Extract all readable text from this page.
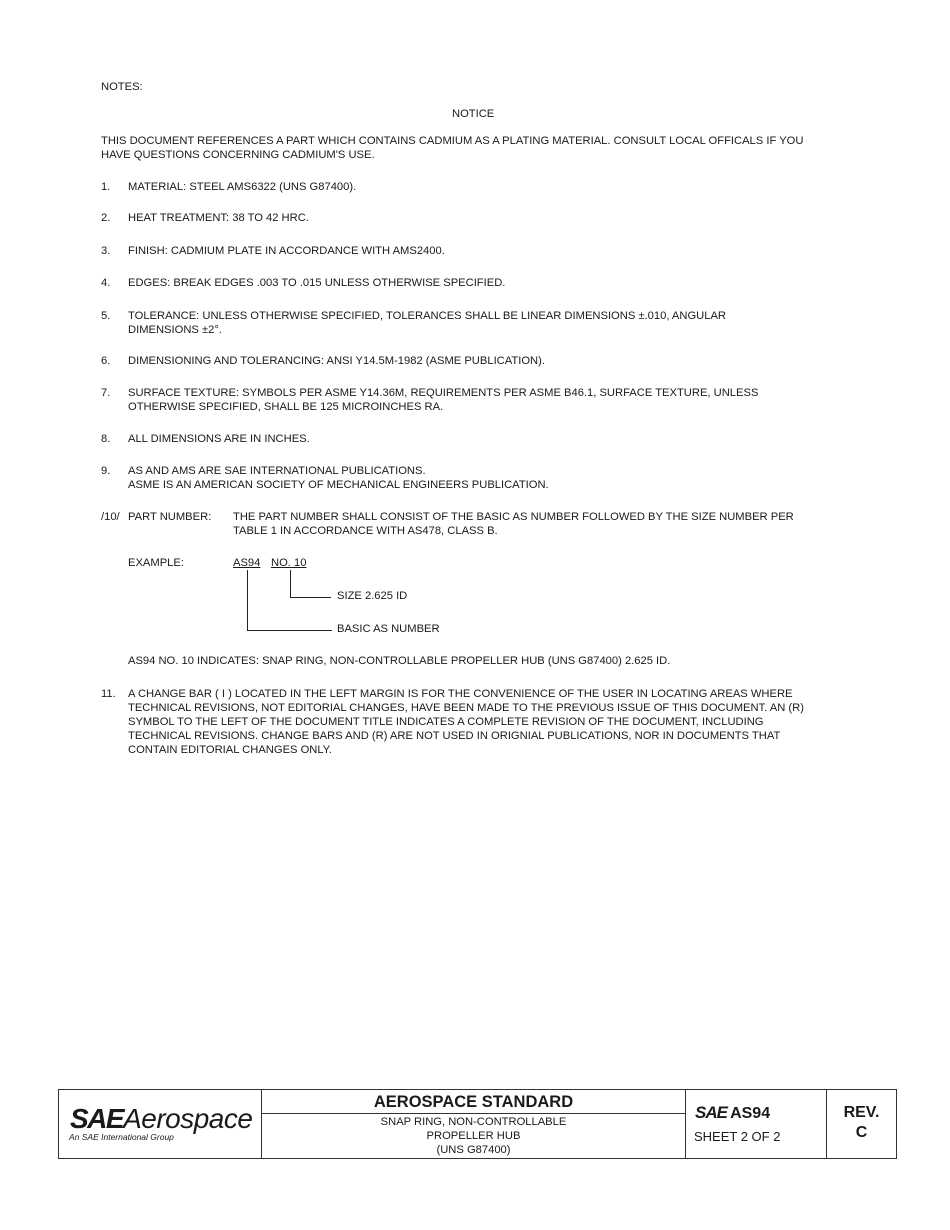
NOTES:
NOTICE
THIS DOCUMENT REFERENCES A PART WHICH CONTAINS CADMIUM AS A PLATING MATERIAL. CONSULT LOCAL OFFICALS IF YOU
HAVE QUESTIONS CONCERNING CADMIUM'S USE.
1. MATERIAL: STEEL AMS6322 (UNS G87400).
2. HEAT TREATMENT: 38 TO 42 HRC.
3. FINISH: CADMIUM PLATE IN ACCORDANCE WITH AMS2400.
4. EDGES: BREAK EDGES .003 TO .015 UNLESS OTHERWISE SPECIFIED.
5. TOLERANCE: UNLESS OTHERWISE SPECIFIED, TOLERANCES SHALL BE LINEAR DIMENSIONS ±.010, ANGULAR
DIMENSIONS ±2°.
6. DIMENSIONING AND TOLERANCING: ANSI Y14.5M-1982 (ASME PUBLICATION).
7. SURFACE TEXTURE: SYMBOLS PER ASME Y14.36M, REQUIREMENTS PER ASME B46.1, SURFACE TEXTURE, UNLESS
OTHERWISE SPECIFIED, SHALL BE 125 MICROINCHES RA.
8. ALL DIMENSIONS ARE IN INCHES.
9. AS AND AMS ARE SAE INTERNATIONAL PUBLICATIONS.
ASME IS AN AMERICAN SOCIETY OF MECHANICAL ENGINEERS PUBLICATION.
/10/ PART NUMBER: THE PART NUMBER SHALL CONSIST OF THE BASIC AS NUMBER FOLLOWED BY THE SIZE NUMBER PER
TABLE 1 IN ACCORDANCE WITH AS478, CLASS B.
EXAMPLE:	AS94 NO. 10
SIZE 2.625 ID
BASIC AS NUMBER
AS94 NO. 10 INDICATES: SNAP RING, NON-CONTROLLABLE PROPELLER HUB (UNS G87400) 2.625 ID.
11. A CHANGE BAR ( I ) LOCATED IN THE LEFT MARGIN IS FOR THE CONVENIENCE OF THE USER IN LOCATING AREAS WHERE
TECHNICAL REVISIONS, NOT EDITORIAL CHANGES, HAVE BEEN MADE TO THE PREVIOUS ISSUE OF THIS DOCUMENT. AN (R)
SYMBOL TO THE LEFT OF THE DOCUMENT TITLE INDICATES A COMPLETE REVISION OF THE DOCUMENT, INCLUDING
TECHNICAL REVISIONS. CHANGE BARS AND (R) ARE NOT USED IN ORIGNIAL PUBLICATIONS, NOR IN DOCUMENTS THAT
CONTAIN EDITORIAL CHANGES ONLY.
SAEAerospace
An SAE International Group
AEROSPACE STANDARD
SNAP RING, NON-CONTROLLABLE
PROPELLER HUB
(UNS G87400)
SAE AS94
SHEET 2 OF 2
REV.
C
